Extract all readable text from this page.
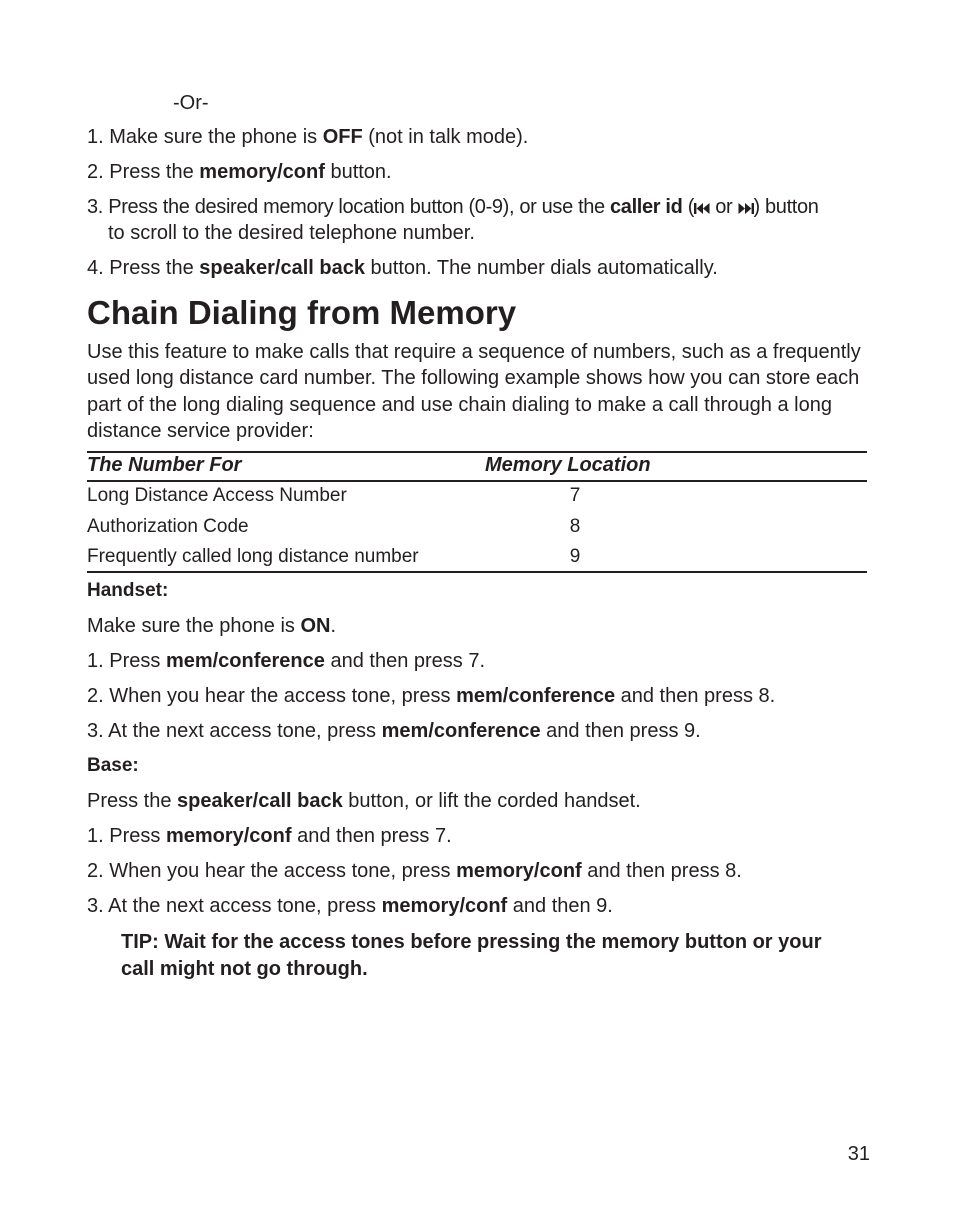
-Or-
1. Make sure the phone is OFF (not in talk mode).
2. Press the memory/conf button.
3. Press the desired memory location button (0-9), or use the caller id ( or ) button
to scroll to the desired telephone number.
4. Press the speaker/call back button. The number dials automatically.
Chain Dialing from Memory
Use this feature to make calls that require a sequence of numbers, such as a frequently used long distance card number. The following example shows how you can store each part of the long dialing sequence and use chain dialing to make a call through a long distance service provider:
The Number For	Memory Location
Long Distance Access Number	7
Authorization Code	8
Frequently called long distance number	9
Handset:
Make sure the phone is ON.
1. Press mem/conference and then press 7.
2. When you hear the access tone, press mem/conference and then press 8.
3. At the next access tone, press mem/conference and then press 9.
Base:
Press the speaker/call back button, or lift the corded handset.
1. Press memory/conf and then press 7.
2. When you hear the access tone, press memory/conf and then press 8.
3. At the next access tone, press memory/conf and then 9.
TIP: Wait for the access tones before pressing the memory button or your call might not go through.
31
